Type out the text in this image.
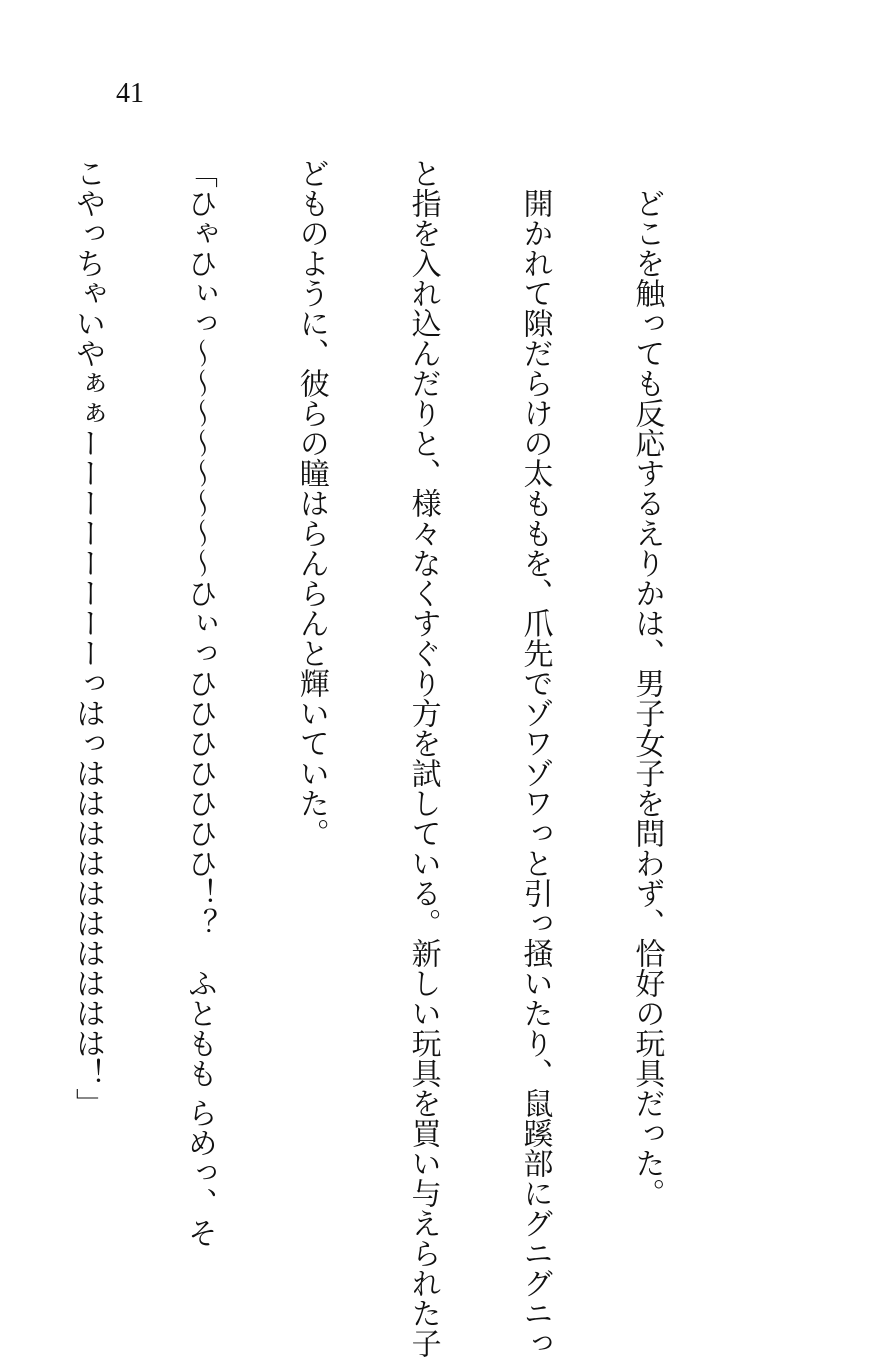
41

　どこを触っても反応するえりかは、男子女子を問わず、恰好の玩具だった。

　開かれて隙だらけの太ももを、爪先でゾワゾワっと引っ掻いたり、鼠蹊部にグニグニっ

と指を入れ込んだりと、様々なくすぐり方を試している。新しい玩具を買い与えられた子

どものように、彼らの瞳はらんらんと輝いていた。

「ひゃひぃっ〜〜〜〜〜〜〜〜ひぃっひひひひひひひ！？　ふともも らめっ、そ

こやっちゃいやぁぁーーーーーーーーっはっはははははははははは！」
